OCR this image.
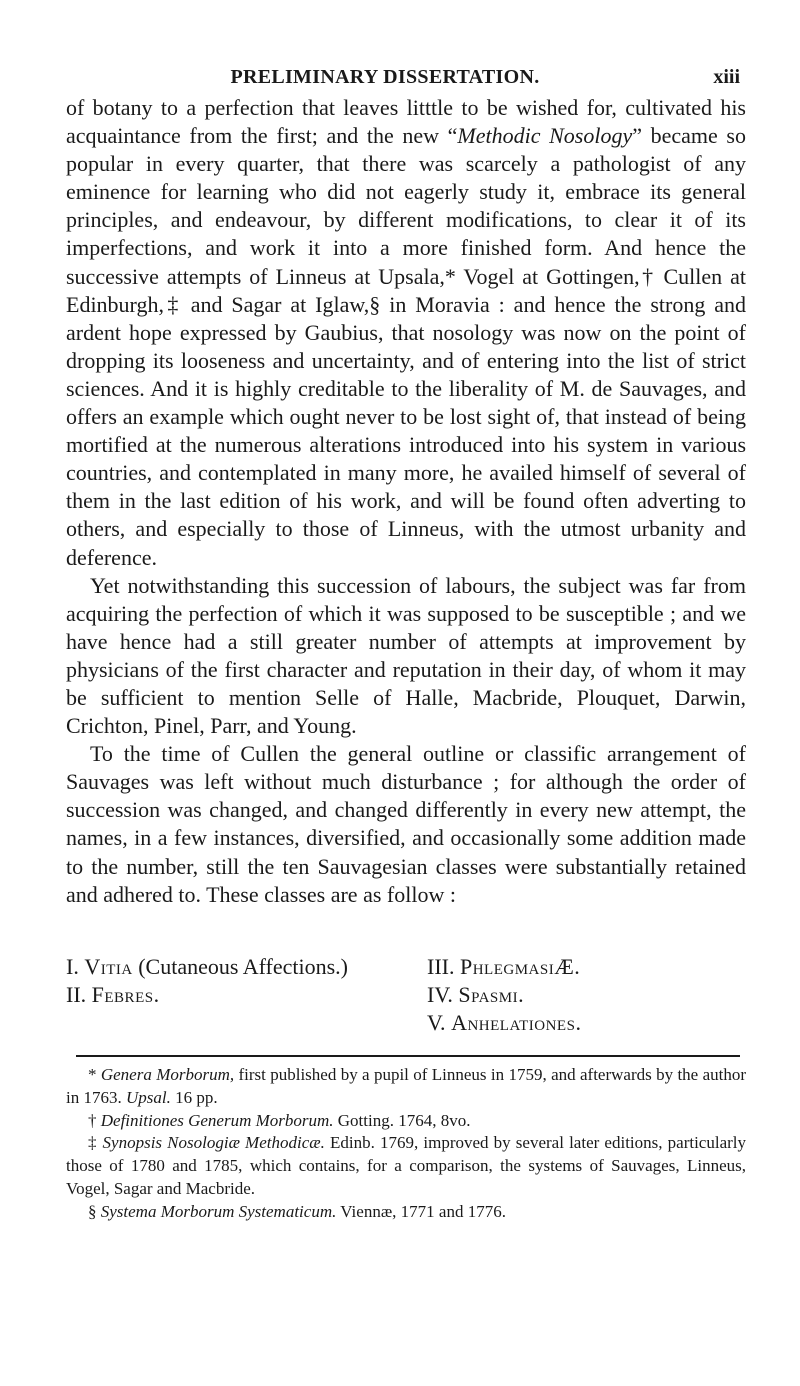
PRELIMINARY DISSERTATION.	xiii

of botany to a perfection that leaves litttle to be wished for, cultivated his acquaintance from the first; and the new “Methodic Nosology” became so popular in every quarter, that there was scarcely a pathologist of any eminence for learning who did not eagerly study it, embrace its general principles, and endeavour, by different modifications, to clear it of its imperfections, and work it into a more finished form. And hence the successive attempts of Linneus at Upsala,* Vogel at Gottingen,† Cullen at Edinburgh,‡ and Sagar at Iglaw,§ in Moravia : and hence the strong and ardent hope expressed by Gaubius, that nosology was now on the point of dropping its looseness and uncertainty, and of entering into the list of strict sciences. And it is highly creditable to the liberality of M. de Sauvages, and offers an example which ought never to be lost sight of, that instead of being mortified at the numerous alterations introduced into his system in various countries, and contemplated in many more, he availed himself of several of them in the last edition of his work, and will be found often adverting to others, and especially to those of Linneus, with the utmost urbanity and deference.

Yet notwithstanding this succession of labours, the subject was far from acquiring the perfection of which it was supposed to be susceptible ; and we have hence had a still greater number of attempts at improvement by physicians of the first character and reputation in their day, of whom it may be sufficient to mention Selle of Halle, Macbride, Plouquet, Darwin, Crichton, Pinel, Parr, and Young.

To the time of Cullen the general outline or classific arrangement of Sauvages was left without much disturbance ; for although the order of succession was changed, and changed differently in every new attempt, the names, in a few instances, diversified, and occasionally some addition made to the number, still the ten Sauvagesian classes were substantially retained and adhered to. These classes are as follow :

I. Vitia (Cutaneous Affections.)

II. Febres.

III. PhlegmasiÆ.

IV. Spasmi.

V. Anhelationes.

* Genera Morborum, first published by a pupil of Linneus in 1759, and afterwards by the author in 1763. Upsal. 16 pp.

† Definitiones Generum Morborum. Gotting. 1764, 8vo.

‡ Synopsis Nosologiæ Methodicæ. Edinb. 1769, improved by several later editions, particularly those of 1780 and 1785, which contains, for a comparison, the systems of Sauvages, Linneus, Vogel, Sagar and Macbride.

§ Systema Morborum Systematicum. Viennæ, 1771 and 1776.
